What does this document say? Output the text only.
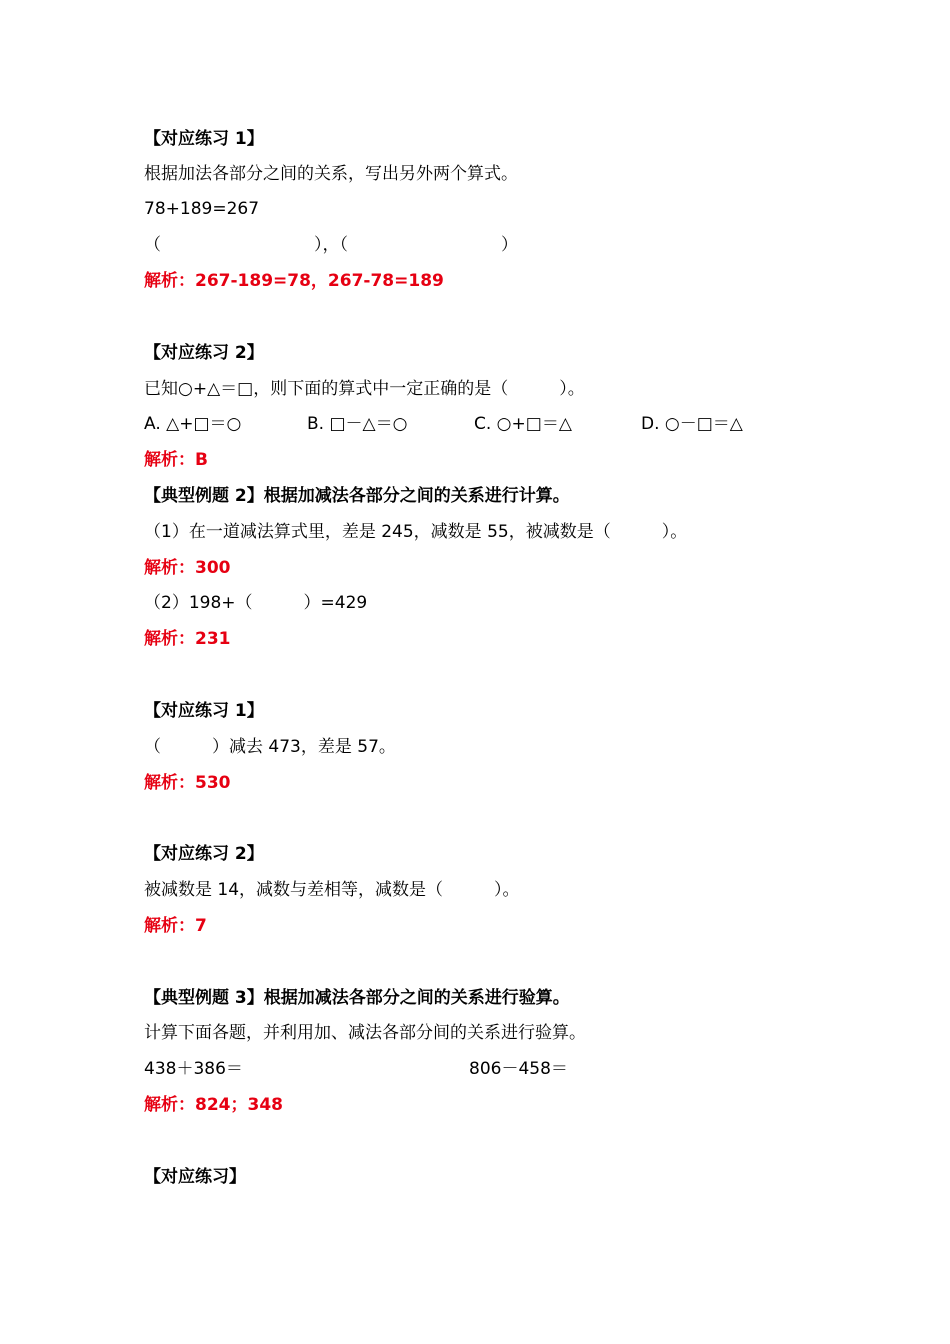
【对应练习 1】
根据加法各部分之间的关系，写出另外两个算式。
78+189=267
（　　　　　　　　　），（　　　　　　　　　）
解析：267-189=78，267-78=189
【对应练习 2】
已知○+△＝□，则下面的算式中一定正确的是（　　　）。
A. △+□＝○	B. □－△＝○	C. ○+□＝△	D. ○－□＝△
解析：B
【典型例题 2】根据加减法各部分之间的关系进行计算。
（1）在一道减法算式里，差是 245，减数是 55，被减数是（　　　）。
解析：300
（2）198+（　　　）=429
解析：231
【对应练习 1】
（　　　）减去 473，差是 57。
解析：530
【对应练习 2】
被减数是 14，减数与差相等，减数是（　　　）。
解析：7
【典型例题 3】根据加减法各部分之间的关系进行验算。
计算下面各题，并利用加、减法各部分间的关系进行验算。
438＋386＝	806－458＝
解析：824；348
【对应练习】
